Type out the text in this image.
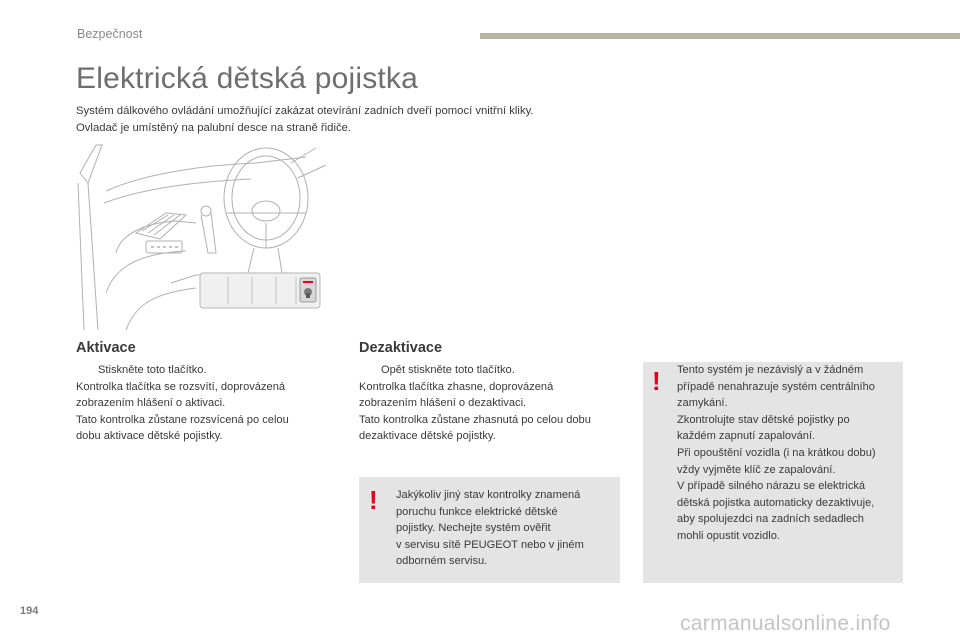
Bezpečnost
Elektrická dětská pojistka

Systém dálkového ovládání umožňující zakázat otevírání zadních dveří pomocí vnitřní kliky.

Ovladač je umístěný na palubní desce na straně řidiče.

Aktivace

Stiskněte toto tlačítko.

Kontrolka tlačítka se rozsvítí, doprovázená

zobrazením hlášení o aktivaci.

Tato kontrolka zůstane rozsvícená po celou

dobu aktivace dětské pojistky.

Dezaktivace

Opět stiskněte toto tlačítko.

Kontrolka tlačítka zhasne, doprovázená

zobrazením hlášení o dezaktivaci.

Tato kontrolka zůstane zhasnutá po celou dobu

dezaktivace dětské pojistky.

! Jakýkoliv jiný stav kontrolky znamená

poruchu funkce elektrické dětské

pojistky. Nechejte systém ověřit

v servisu sítě PEUGEOT nebo v jiném

odborném servisu.

! Tento systém je nezávislý a v žádném

případě nenahrazuje systém centrálního

zamykání.

Zkontrolujte stav dětské pojistky po

každém zapnutí zapalování.

Při opouštění vozidla (i na krátkou dobu)

vždy vyjměte klíč ze zapalování.

V případě silného nárazu se elektrická

dětská pojistka automaticky dezaktivuje,

aby spolujezdci na zadních sedadlech

mohli opustit vozidlo.

194
carmanualsonline.info
